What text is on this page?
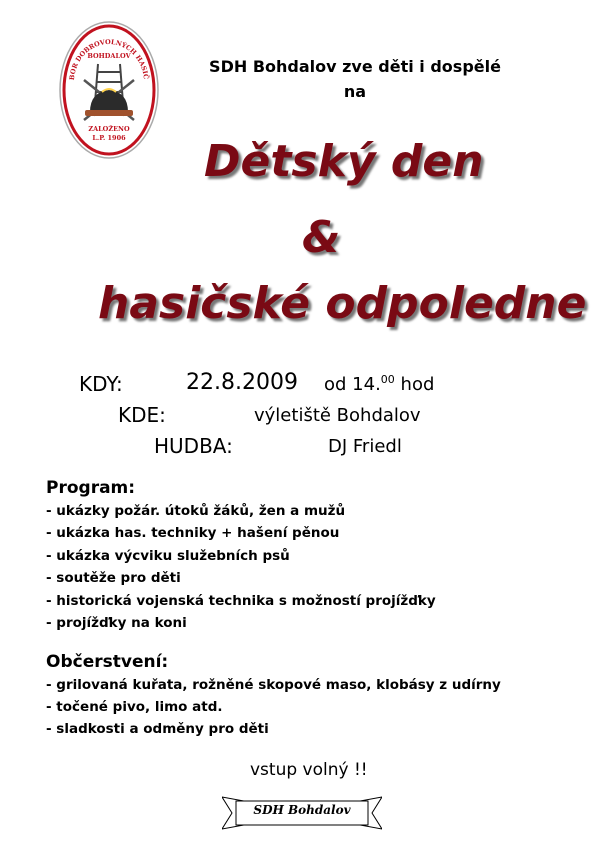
BOR DOBROVOLNÝCH HASIČ
BOHDALOV
ZALOŽENO
L.P. 1906
SDH Bohdalov zve děti i dospělé
na
Dětský den
&
hasičské odpoledne
KDY:	22.8.2009 od 14.00 hod
KDE:	výletiště Bohdalov
HUDBA:	DJ Friedl
Program:
- ukázky požár. útoků žáků, žen a mužů
- ukázka has. techniky + hašení pěnou
- ukázka výcviku služebních psů
- soutěže pro děti
- historická vojenská technika s možností projížďky
- projížďky na koni
Občerstvení:
- grilovaná kuřata, rožněné skopové maso, klobásy z udírny
- točené pivo, limo atd.
- sladkosti a odměny pro děti
vstup volný !!
SDH Bohdalov
